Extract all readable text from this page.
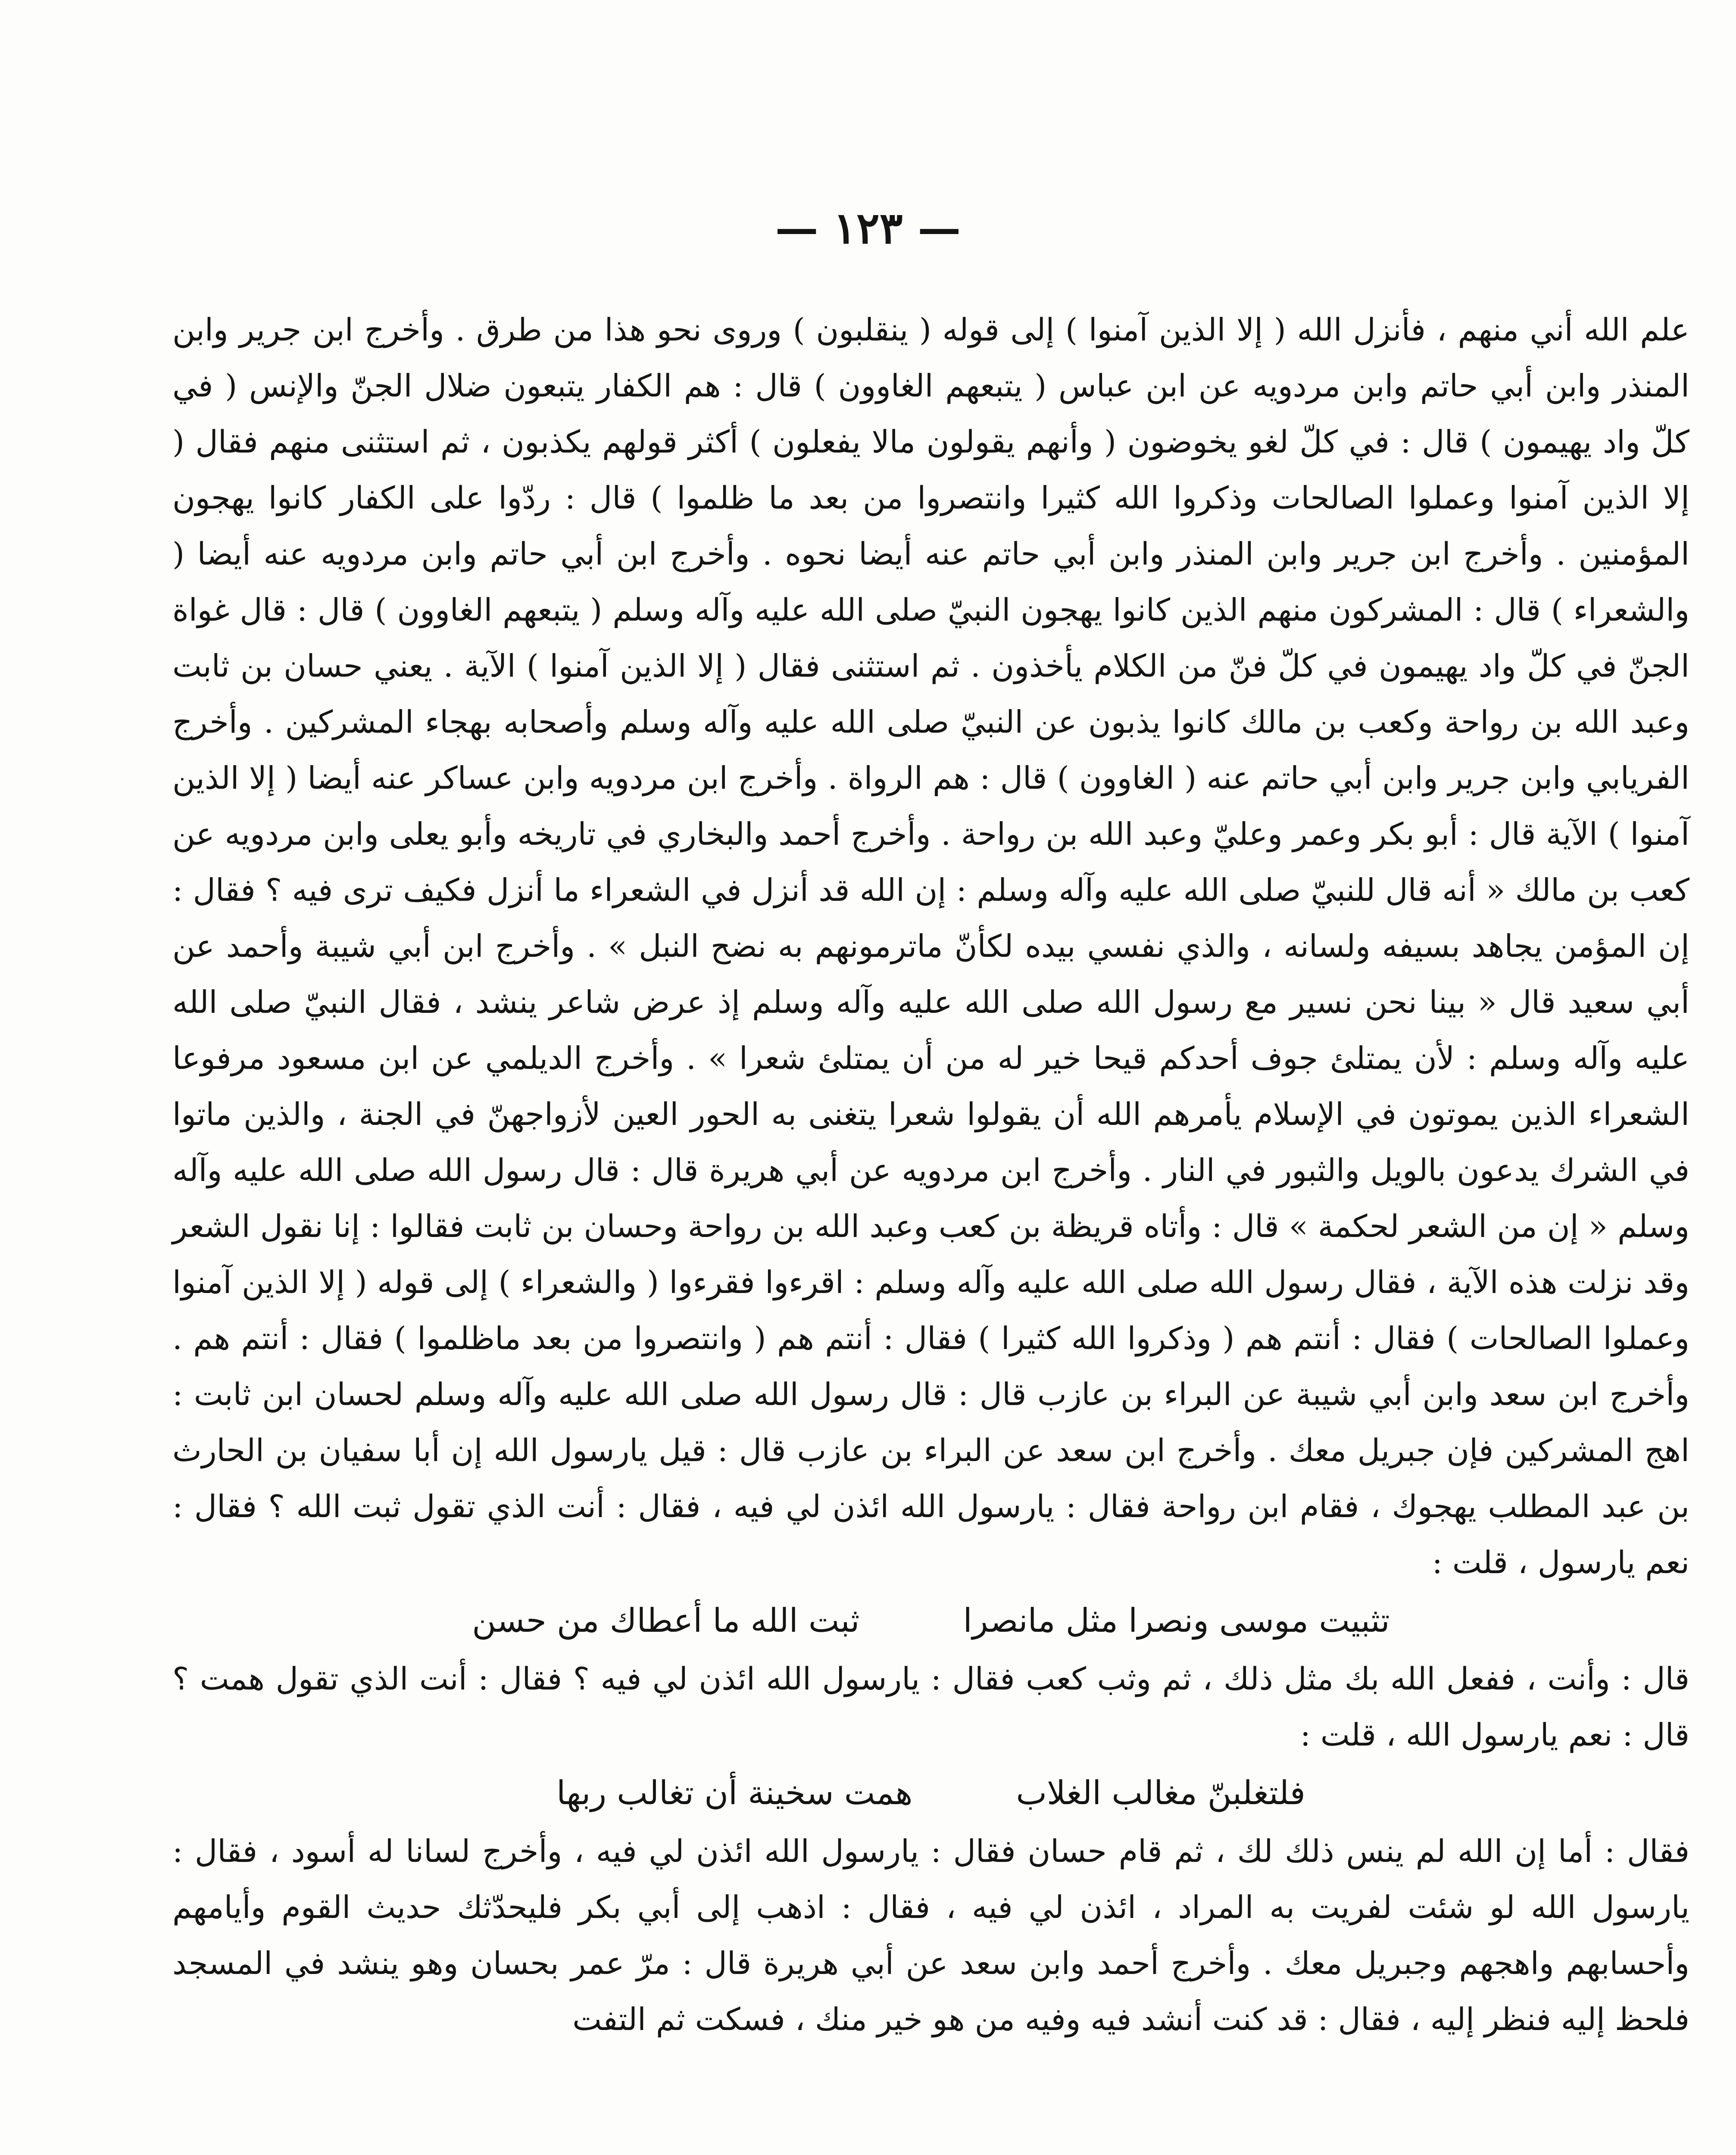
— ١٢٣ —

علم الله أني منهم ، فأنزل الله ( إلا الذين آمنوا ) إلى قوله ( ينقلبون ) وروى نحو هذا من طرق . وأخرج ابن جرير وابن المنذر وابن أبي حاتم وابن مردويه عن ابن عباس ( يتبعهم الغاوون ) قال : هم الكفار يتبعون ضلال الجنّ والإنس ( في كلّ واد يهيمون ) قال : في كلّ لغو يخوضون ( وأنهم يقولون مالا يفعلون ) أكثر قولهم يكذبون ، ثم استثنى منهم فقال ( إلا الذين آمنوا وعملوا الصالحات وذكروا الله كثيرا وانتصروا من بعد ما ظلموا ) قال : ردّوا على الكفار كانوا يهجون المؤمنين . وأخرج ابن جرير وابن المنذر وابن أبي حاتم عنه أيضا نحوه . وأخرج ابن أبي حاتم وابن مردويه عنه أيضا ( والشعراء ) قال : المشركون منهم الذين كانوا يهجون النبيّ صلى الله عليه وآله وسلم ( يتبعهم الغاوون ) قال : قال غواة الجنّ في كلّ واد يهيمون في كلّ فنّ من الكلام يأخذون . ثم استثنى فقال ( إلا الذين آمنوا ) الآية . يعني حسان بن ثابت وعبد الله بن رواحة وكعب بن مالك كانوا يذبون عن النبيّ صلى الله عليه وآله وسلم وأصحابه بهجاء المشركين . وأخرج الفريابي وابن جرير وابن أبي حاتم عنه ( الغاوون ) قال : هم الرواة . وأخرج ابن مردويه وابن عساكر عنه أيضا ( إلا الذين آمنوا ) الآية قال : أبو بكر وعمر وعليّ وعبد الله بن رواحة . وأخرج أحمد والبخاري في تاريخه وأبو يعلى وابن مردويه عن كعب بن مالك « أنه قال للنبيّ صلى الله عليه وآله وسلم : إن الله قد أنزل في الشعراء ما أنزل فكيف ترى فيه ؟ فقال : إن المؤمن يجاهد بسيفه ولسانه ، والذي نفسي بيده لكأنّ ماترمونهم به نضح النبل » . وأخرج ابن أبي شيبة وأحمد عن أبي سعيد قال « بينا نحن نسير مع رسول الله صلى الله عليه وآله وسلم إذ عرض شاعر ينشد ، فقال النبيّ صلى الله عليه وآله وسلم : لأن يمتلئ جوف أحدكم قيحا خير له من أن يمتلئ شعرا » . وأخرج الديلمي عن ابن مسعود مرفوعا الشعراء الذين يموتون في الإسلام يأمرهم الله أن يقولوا شعرا يتغنى به الحور العين لأزواجهنّ في الجنة ، والذين ماتوا في الشرك يدعون بالويل والثبور في النار . وأخرج ابن مردويه عن أبي هريرة قال : قال رسول الله صلى الله عليه وآله وسلم « إن من الشعر لحكمة » قال : وأتاه قريظة بن كعب وعبد الله بن رواحة وحسان بن ثابت فقالوا : إنا نقول الشعر وقد نزلت هذه الآية ، فقال رسول الله صلى الله عليه وآله وسلم : اقرءوا فقرءوا ( والشعراء ) إلى قوله ( إلا الذين آمنوا وعملوا الصالحات ) فقال : أنتم هم ( وذكروا الله كثيرا ) فقال : أنتم هم ( وانتصروا من بعد ماظلموا ) فقال : أنتم هم . وأخرج ابن سعد وابن أبي شيبة عن البراء بن عازب قال : قال رسول الله صلى الله عليه وآله وسلم لحسان ابن ثابت : اهج المشركين فإن جبريل معك . وأخرج ابن سعد عن البراء بن عازب قال : قيل يارسول الله إن أبا سفيان بن الحارث بن عبد المطلب يهجوك ، فقام ابن رواحة فقال : يارسول الله ائذن لي فيه ، فقال : أنت الذي تقول ثبت الله ؟ فقال : نعم يارسول ، قلت :

ثبت الله ما أعطاك من حسن	تثبيت موسى ونصرا مثل مانصرا

قال : وأنت ، ففعل الله بك مثل ذلك ، ثم وثب كعب فقال : يارسول الله ائذن لي فيه ؟ فقال : أنت الذي تقول همت ؟ قال : نعم يارسول الله ، قلت :

همت سخينة أن تغالب ربها	فلتغلبنّ مغالب الغلاب

فقال : أما إن الله لم ينس ذلك لك ، ثم قام حسان فقال : يارسول الله ائذن لي فيه ، وأخرج لسانا له أسود ، فقال : يارسول الله لو شئت لفريت به المراد ، ائذن لي فيه ، فقال : اذهب إلى أبي بكر فليحدّثك حديث القوم وأيامهم وأحسابهم واهجهم وجبريل معك . وأخرج أحمد وابن سعد عن أبي هريرة قال : مرّ عمر بحسان وهو ينشد في المسجد فلحظ إليه فنظر إليه ، فقال : قد كنت أنشد فيه وفيه من هو خير منك ، فسكت ثم التفت
